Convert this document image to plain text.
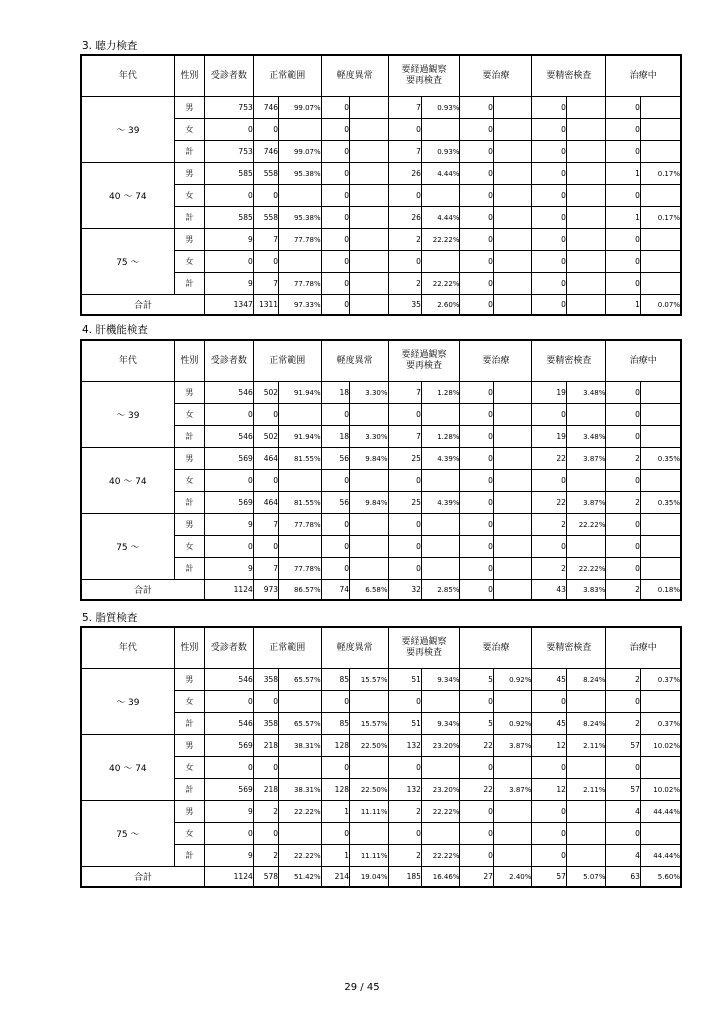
3. 聴力検査
年代	性別	受診者数	正常範囲		軽度異常		要経過観察
要再検査		要治療		要精密検査		治療中	
～ 39	男	753	746	99.07%	0		7	0.93%	0		0		0	
	女	0	0		0		0		0		0		0	
	計	753	746	99.07%	0		7	0.93%	0		0		0	
40 ～ 74	男	585	558	95.38%	0		26	4.44%	0		0		1	0.17%
	女	0	0		0		0		0		0		0	
	計	585	558	95.38%	0		26	4.44%	0		0		1	0.17%
75 ～	男	9	7	77.78%	0		2	22.22%	0		0		0	
	女	0	0		0		0		0		0		0	
	計	9	7	77.78%	0		2	22.22%	0		0		0	
合計		1347	1311	97.33%	0		35	2.60%	0		0		1	0.07%
4. 肝機能検査
年代	性別	受診者数	正常範囲		軽度異常		要経過観察
要再検査		要治療		要精密検査		治療中	
～ 39	男	546	502	91.94%	18	3.30%	7	1.28%	0		19	3.48%	0	
	女	0	0		0		0		0		0		0	
	計	546	502	91.94%	18	3.30%	7	1.28%	0		19	3.48%	0	
40 ～ 74	男	569	464	81.55%	56	9.84%	25	4.39%	0		22	3.87%	2	0.35%
	女	0	0		0		0		0		0		0	
	計	569	464	81.55%	56	9.84%	25	4.39%	0		22	3.87%	2	0.35%
75 ～	男	9	7	77.78%	0		0		0		2	22.22%	0	
	女	0	0		0		0		0		0		0	
	計	9	7	77.78%	0		0		0		2	22.22%	0	
合計		1124	973	86.57%	74	6.58%	32	2.85%	0		43	3.83%	2	0.18%
5. 脂質検査
年代	性別	受診者数	正常範囲		軽度異常		要経過観察
要再検査		要治療		要精密検査		治療中	
～ 39	男	546	358	65.57%	85	15.57%	51	9.34%	5	0.92%	45	8.24%	2	0.37%
	女	0	0		0		0		0		0		0	
	計	546	358	65.57%	85	15.57%	51	9.34%	5	0.92%	45	8.24%	2	0.37%
40 ～ 74	男	569	218	38.31%	128	22.50%	132	23.20%	22	3.87%	12	2.11%	57	10.02%
	女	0	0		0		0		0		0		0	
	計	569	218	38.31%	128	22.50%	132	23.20%	22	3.87%	12	2.11%	57	10.02%
75 ～	男	9	2	22.22%	1	11.11%	2	22.22%	0		0		4	44.44%
	女	0	0		0		0		0		0		0	
	計	9	2	22.22%	1	11.11%	2	22.22%	0		0		4	44.44%
合計		1124	578	51.42%	214	19.04%	185	16.46%	27	2.40%	57	5.07%	63	5.60%
29 / 45
